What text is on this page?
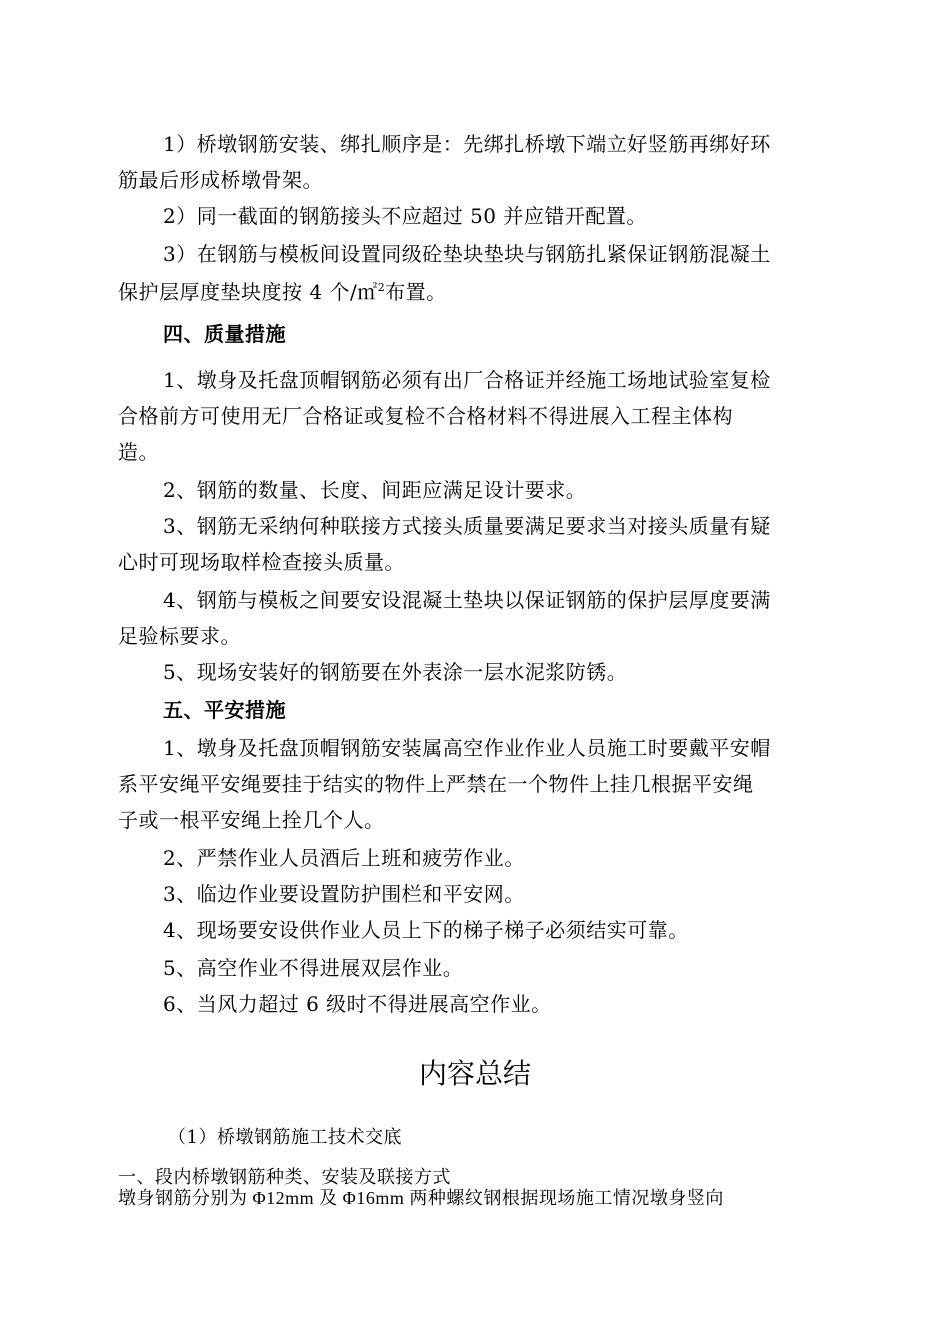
1）桥墩钢筋安装、绑扎顺序是：先绑扎桥墩下端立好竖筋再绑好环
筋最后形成桥墩骨架。
2）同一截面的钢筋接头不应超过 50 并应错开配置。
3）在钢筋与模板间设置同级砼垫块垫块与钢筋扎紧保证钢筋混凝土
保护层厚度垫块度按 4 个/㎡$^2$布置。
四、质量措施
1、墩身及托盘顶帽钢筋必须有出厂合格证并经施工场地试验室复检
合格前方可使用无厂合格证或复检不合格材料不得进展入工程主体构
造。
2、钢筋的数量、长度、间距应满足设计要求。
3、钢筋无采纳何种联接方式接头质量要满足要求当对接头质量有疑
心时可现场取样检查接头质量。
4、钢筋与模板之间要安设混凝土垫块以保证钢筋的保护层厚度要满
足验标要求。
5、现场安装好的钢筋要在外表涂一层水泥浆防锈。
五、平安措施
1、墩身及托盘顶帽钢筋安装属高空作业作业人员施工时要戴平安帽
系平安绳平安绳要挂于结实的物件上严禁在一个物件上挂几根据平安绳
子或一根平安绳上拴几个人。
2、严禁作业人员酒后上班和疲劳作业。
3、临边作业要设置防护围栏和平安网。
4、现场要安设供作业人员上下的梯子梯子必须结实可靠。
5、高空作业不得进展双层作业。
6、当风力超过 6 级时不得进展高空作业。
内容总结
（1）桥墩钢筋施工技术交底
一、段内桥墩钢筋种类、安装及联接方式
墩身钢筋分别为 Φ12mm 及 Φ16mm 两种螺纹钢根据现场施工情况墩身竖向
